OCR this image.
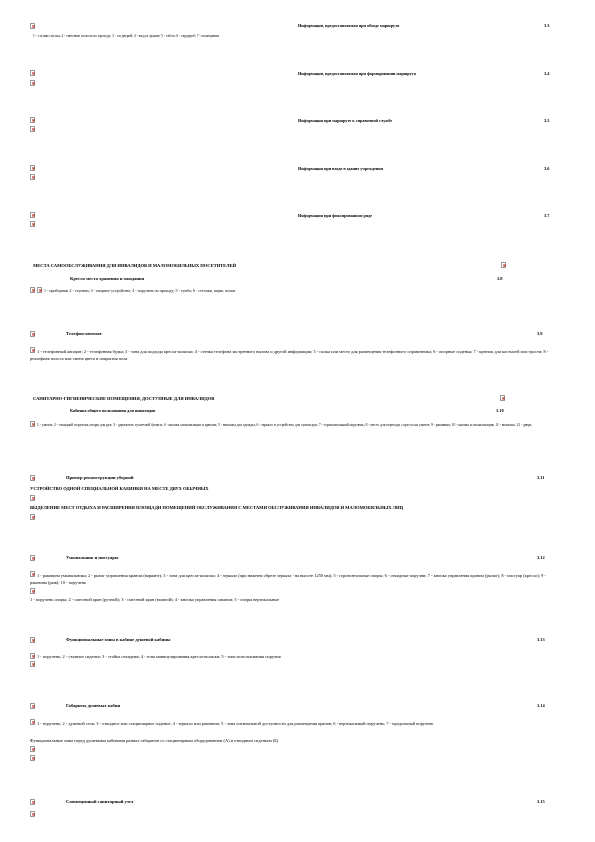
1 - ступни спуска; 2 - световые полосы по проходу; 3 - оп дверей; 4 - вход в здание; 5 - табло; 6 - гардероб; 7 - помещения
Информация, предоставляемая при обходе маршрута	3.3
Информация, предоставляемая при формировании маршрута	3.4
Информация при маршруте к справочной службе	3.5
Информация при входе в здание учреждения	3.6
Информация при фиксированном ряде	3.7
МЕСТА САМООБСЛУЖИВАНИЯ ДЛЯ ИНВАЛИДОВ И МАЛОМОБИЛЬНЫХ ПОСЕТИТЕЛЕЙ
Кресло места хранения и ожидания	3.8
1 - приборная; 2 - ступени; 3 - опорное устройство; 4 - поручень по проходу; 5 - тумба; 6 - стеллаж, ящик, полки
Телефон-автомат	3.9
1 - телефонный аппарат; 2 - телефонная будка; 3 - зона для подхода кресла-коляски; 4 - стенка телефона экстренного вызова и другой информации; 5 - полка или место для размещения телефонного справочника; 6 - опорные сиденья; 7 - крючок для костылей или трости; 8 - рельефная полоса или смена цвета и покрытия пола
САНИТАРНО-ГИГИЕНИЧЕСКИЕ ПОМЕЩЕНИЯ, ДОСТУПНЫЕ ДЛЯ ИНВАЛИДОВ
Кабинка общего пользования для инвалидов	3.10
1 - унитаз; 2 - откидной поручень опоры для рук; 3 - держатель туалетной бумаги; 4 - кнопка сигнализации и крючок; 5 - вешалка для одежды; 6 - зеркало и устройство для сушки рук; 7 - горизонтальный поручень; 8 - место для перехода с кресла на унитаз; 9 - раковина; 10 - кнопка и сигнализация; 11 - вешалка; 12 - дверь
Пример реконструкции уборной	3.11
УСТРОЙСТВО ОДНОЙ СПЕЦИАЛЬНОЙ КАБИНКИ НА МЕСТЕ ДВУХ ОБЫЧНЫХ
ВЫДЕЛЕНИЕ МЕСТ ОТДЫХА И РАСШИРЕНИЯ ПЛОЩАДИ ПОМЕЩЕНИЙ ОБСЛУЖИВАНИЯ С МЕСТАМИ ОБСЛУЖИВАНИЯ ИНВАЛИДОВ И МАЛОМОБИЛЬНЫХ ЛИЦ
Умывальник и писсуары	3.12
1 - раковина умывальника; 2 - рычаг управления краном (вариант); 3 - зона для кресла-коляски; 4 - зеркало (при нижнем обрезе зеркала - на высоте 1250 мм); 5 - горизонтальные опоры; 6 - откидные поручни; 7 - кнопка управления краном (рычаг); 8 - писсуар (кресло); 9 - раковина (рыв); 10 - поручень
1 - поручень опоры; 2 - смесевой кран (ручной); 3 - смесевой кран (ножной); 4 - кнопка управления смывом; 5 - опоры вертикальные
Функциональные зоны в кабине душевой кабины	3.13
1 - поручень; 2 - съемное сиденье; 3 - стойка откидная; 4 - зона манипулирования кресла-коляски; 5 - зона использования поручня
Габариты душевых кабин	3.14
1 - поручень; 2 - душевой сток; 3 - откидное или стационарное сиденье; 4 - зеркало или раковина; 5 - зона оптимальной доступности для размещения кранов; 6 - вертикальный поручень; 7 - продольный поручень
Функциональные зоны перед душевыми кабинами разных габаритов со стационарным оборудованием (А) и откидным сиденьем (Б)
Совмещенный санитарный узел	3.15
